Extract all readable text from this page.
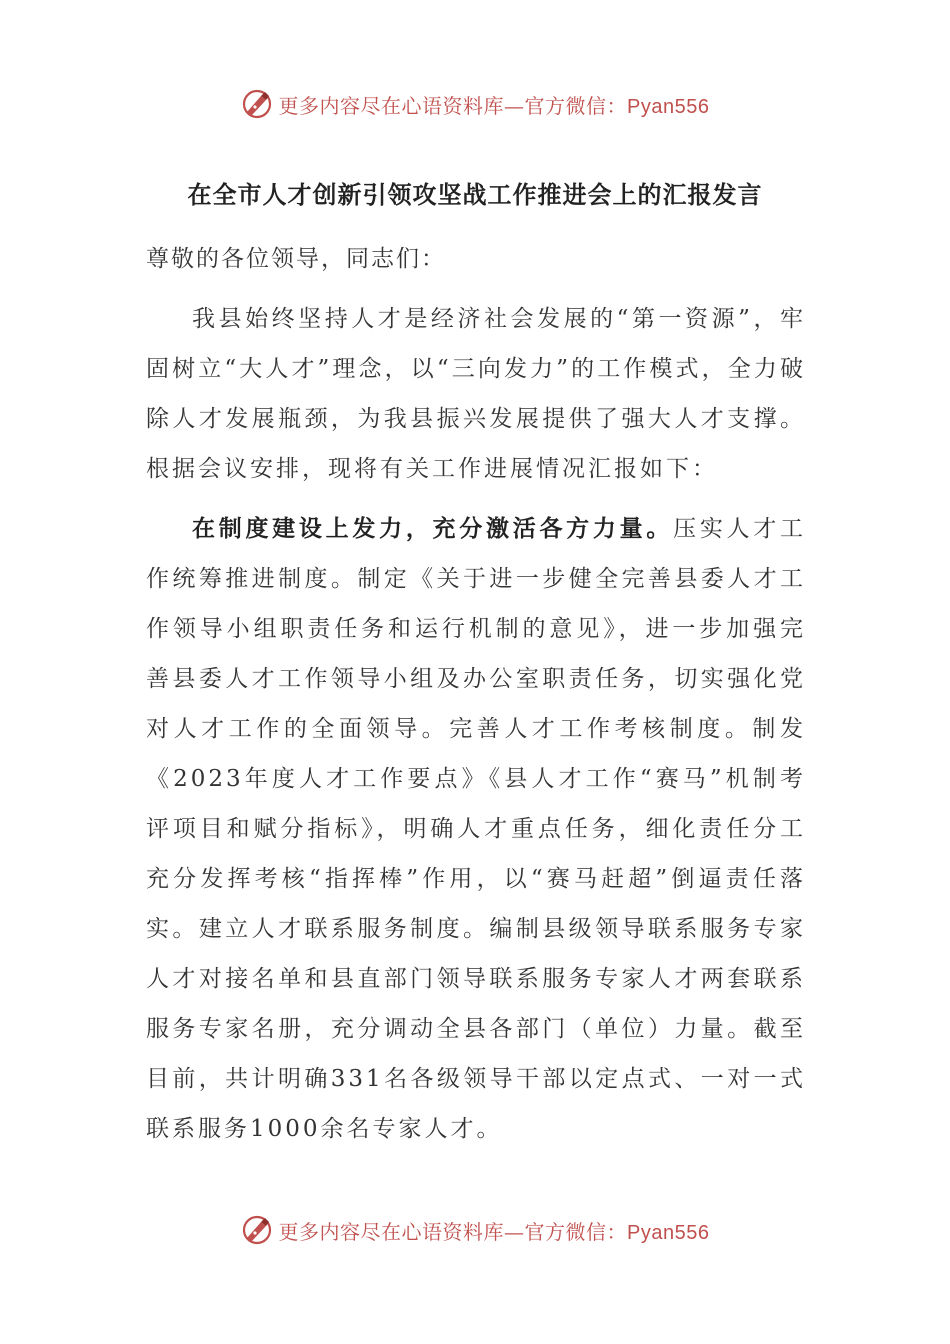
更多内容尽在心语资料库—官方微信：Pyan556
在全市人才创新引领攻坚战工作推进会上的汇报发言

尊敬的各位领导，同志们：

我县始终坚持人才是经济社会发展的“第一资源”，牢固树立“大人才”理念，以“三向发力”的工作模式，全力破除人才发展瓶颈，为我县振兴发展提供了强大人才支撑。根据会议安排，现将有关工作进展情况汇报如下：

在制度建设上发力，充分激活各方力量。压实人才工作统筹推进制度。制定《关于进一步健全完善县委人才工作领导小组职责任务和运行机制的意见》，进一步加强完善县委人才工作领导小组及办公室职责任务，切实强化党对人才工作的全面领导。完善人才工作考核制度。制发《2023年度人才工作要点》《县人才工作“赛马”机制考评项目和赋分指标》，明确人才重点任务，细化责任分工充分发挥考核“指挥棒”作用，以“赛马赶超”倒逼责任落实。建立人才联系服务制度。编制县级领导联系服务专家人才对接名单和县直部门领导联系服务专家人才两套联系服务专家名册，充分调动全县各部门（单位）力量。截至目前，共计明确331名各级领导干部以定点式、一对一式联系服务1000余名专家人才。

更多内容尽在心语资料库—官方微信：Pyan556
